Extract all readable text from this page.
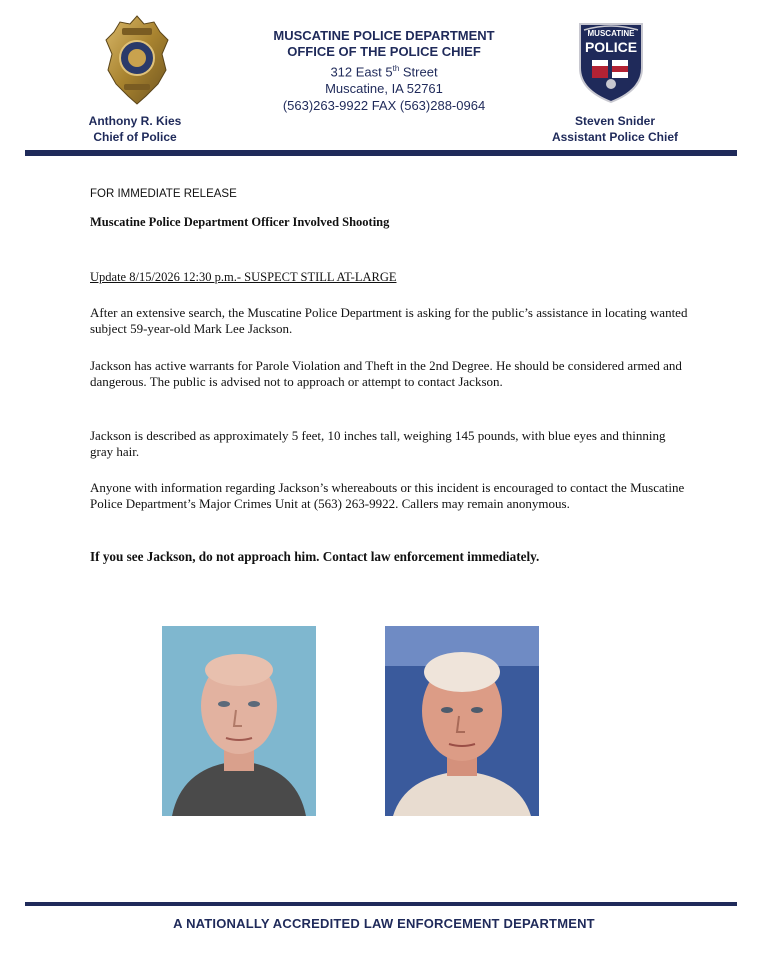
MUSCATINE
POLICE
MUSCATINE POLICE DEPARTMENT
OFFICE OF THE POLICE CHIEF
312 East 5th Street
Muscatine, IA 52761
(563)263-9922 FAX (563)288-0964
Anthony R. Kies
Chief of Police
Steven Snider
Assistant Police Chief
FOR IMMEDIATE RELEASE
Muscatine Police Department Officer Involved Shooting
Update 8/15/2026 12:30 p.m.- SUSPECT STILL AT-LARGE
After an extensive search, the Muscatine Police Department is asking for the public’s assistance in locating wanted subject 59-year-old Mark Lee Jackson.
Jackson has active warrants for Parole Violation and Theft in the 2nd Degree. He should be considered armed and dangerous. The public is advised not to approach or attempt to contact Jackson.
Jackson is described as approximately 5 feet, 10 inches tall, weighing 145 pounds, with blue eyes and thinning gray hair.
Anyone with information regarding Jackson’s whereabouts or this incident is encouraged to contact the Muscatine Police Department’s Major Crimes Unit at (563) 263-9922. Callers may remain anonymous.
If you see Jackson, do not approach him. Contact law enforcement immediately.
A NATIONALLY ACCREDITED LAW ENFORCEMENT DEPARTMENT
